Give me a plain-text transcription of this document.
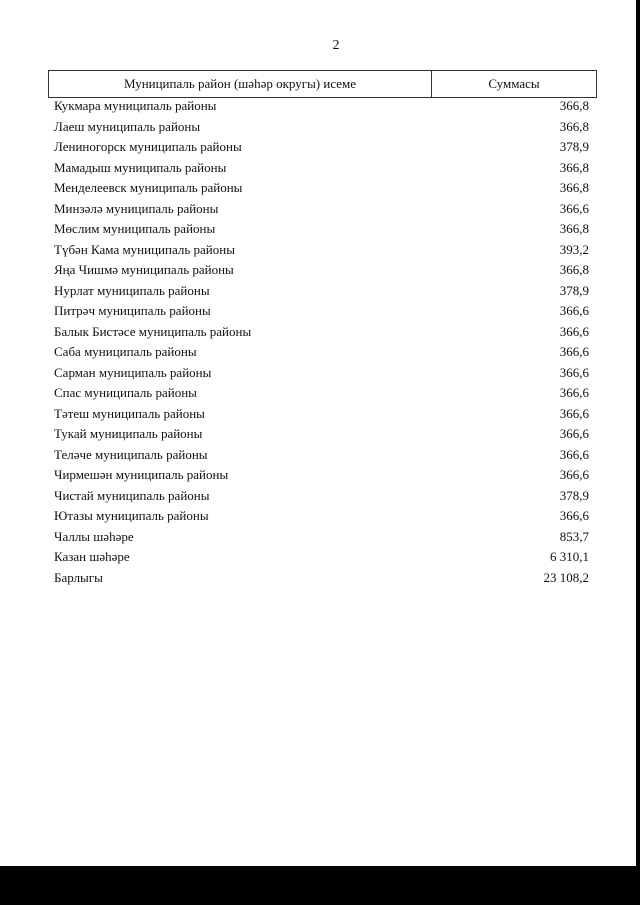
2
Муниципаль район (шәһәр округы) исеме	Суммасы
Кукмара муниципаль районы	366,8
Лаеш муниципаль районы	366,8
Лениногорск муниципаль районы	378,9
Мамадыш муниципаль районы	366,8
Менделеевск муниципаль районы	366,8
Минзәлә муниципаль районы	366,6
Мөслим муниципаль районы	366,8
Түбән Кама муниципаль районы	393,2
Яңа Чишмә муниципаль районы	366,8
Нурлат муниципаль районы	378,9
Питрәч муниципаль районы	366,6
Балык Бистәсе муниципаль районы	366,6
Саба муниципаль районы	366,6
Сарман муниципаль районы	366,6
Спас муниципаль районы	366,6
Тәтеш муниципаль районы	366,6
Тукай муниципаль районы	366,6
Теләче муниципаль районы	366,6
Чирмешән муниципаль районы	366,6
Чистай муниципаль районы	378,9
Ютазы муниципаль районы	366,6
Чаллы шәһәре	853,7
Казан шәһәре	6 310,1
Барлыгы	23 108,2
